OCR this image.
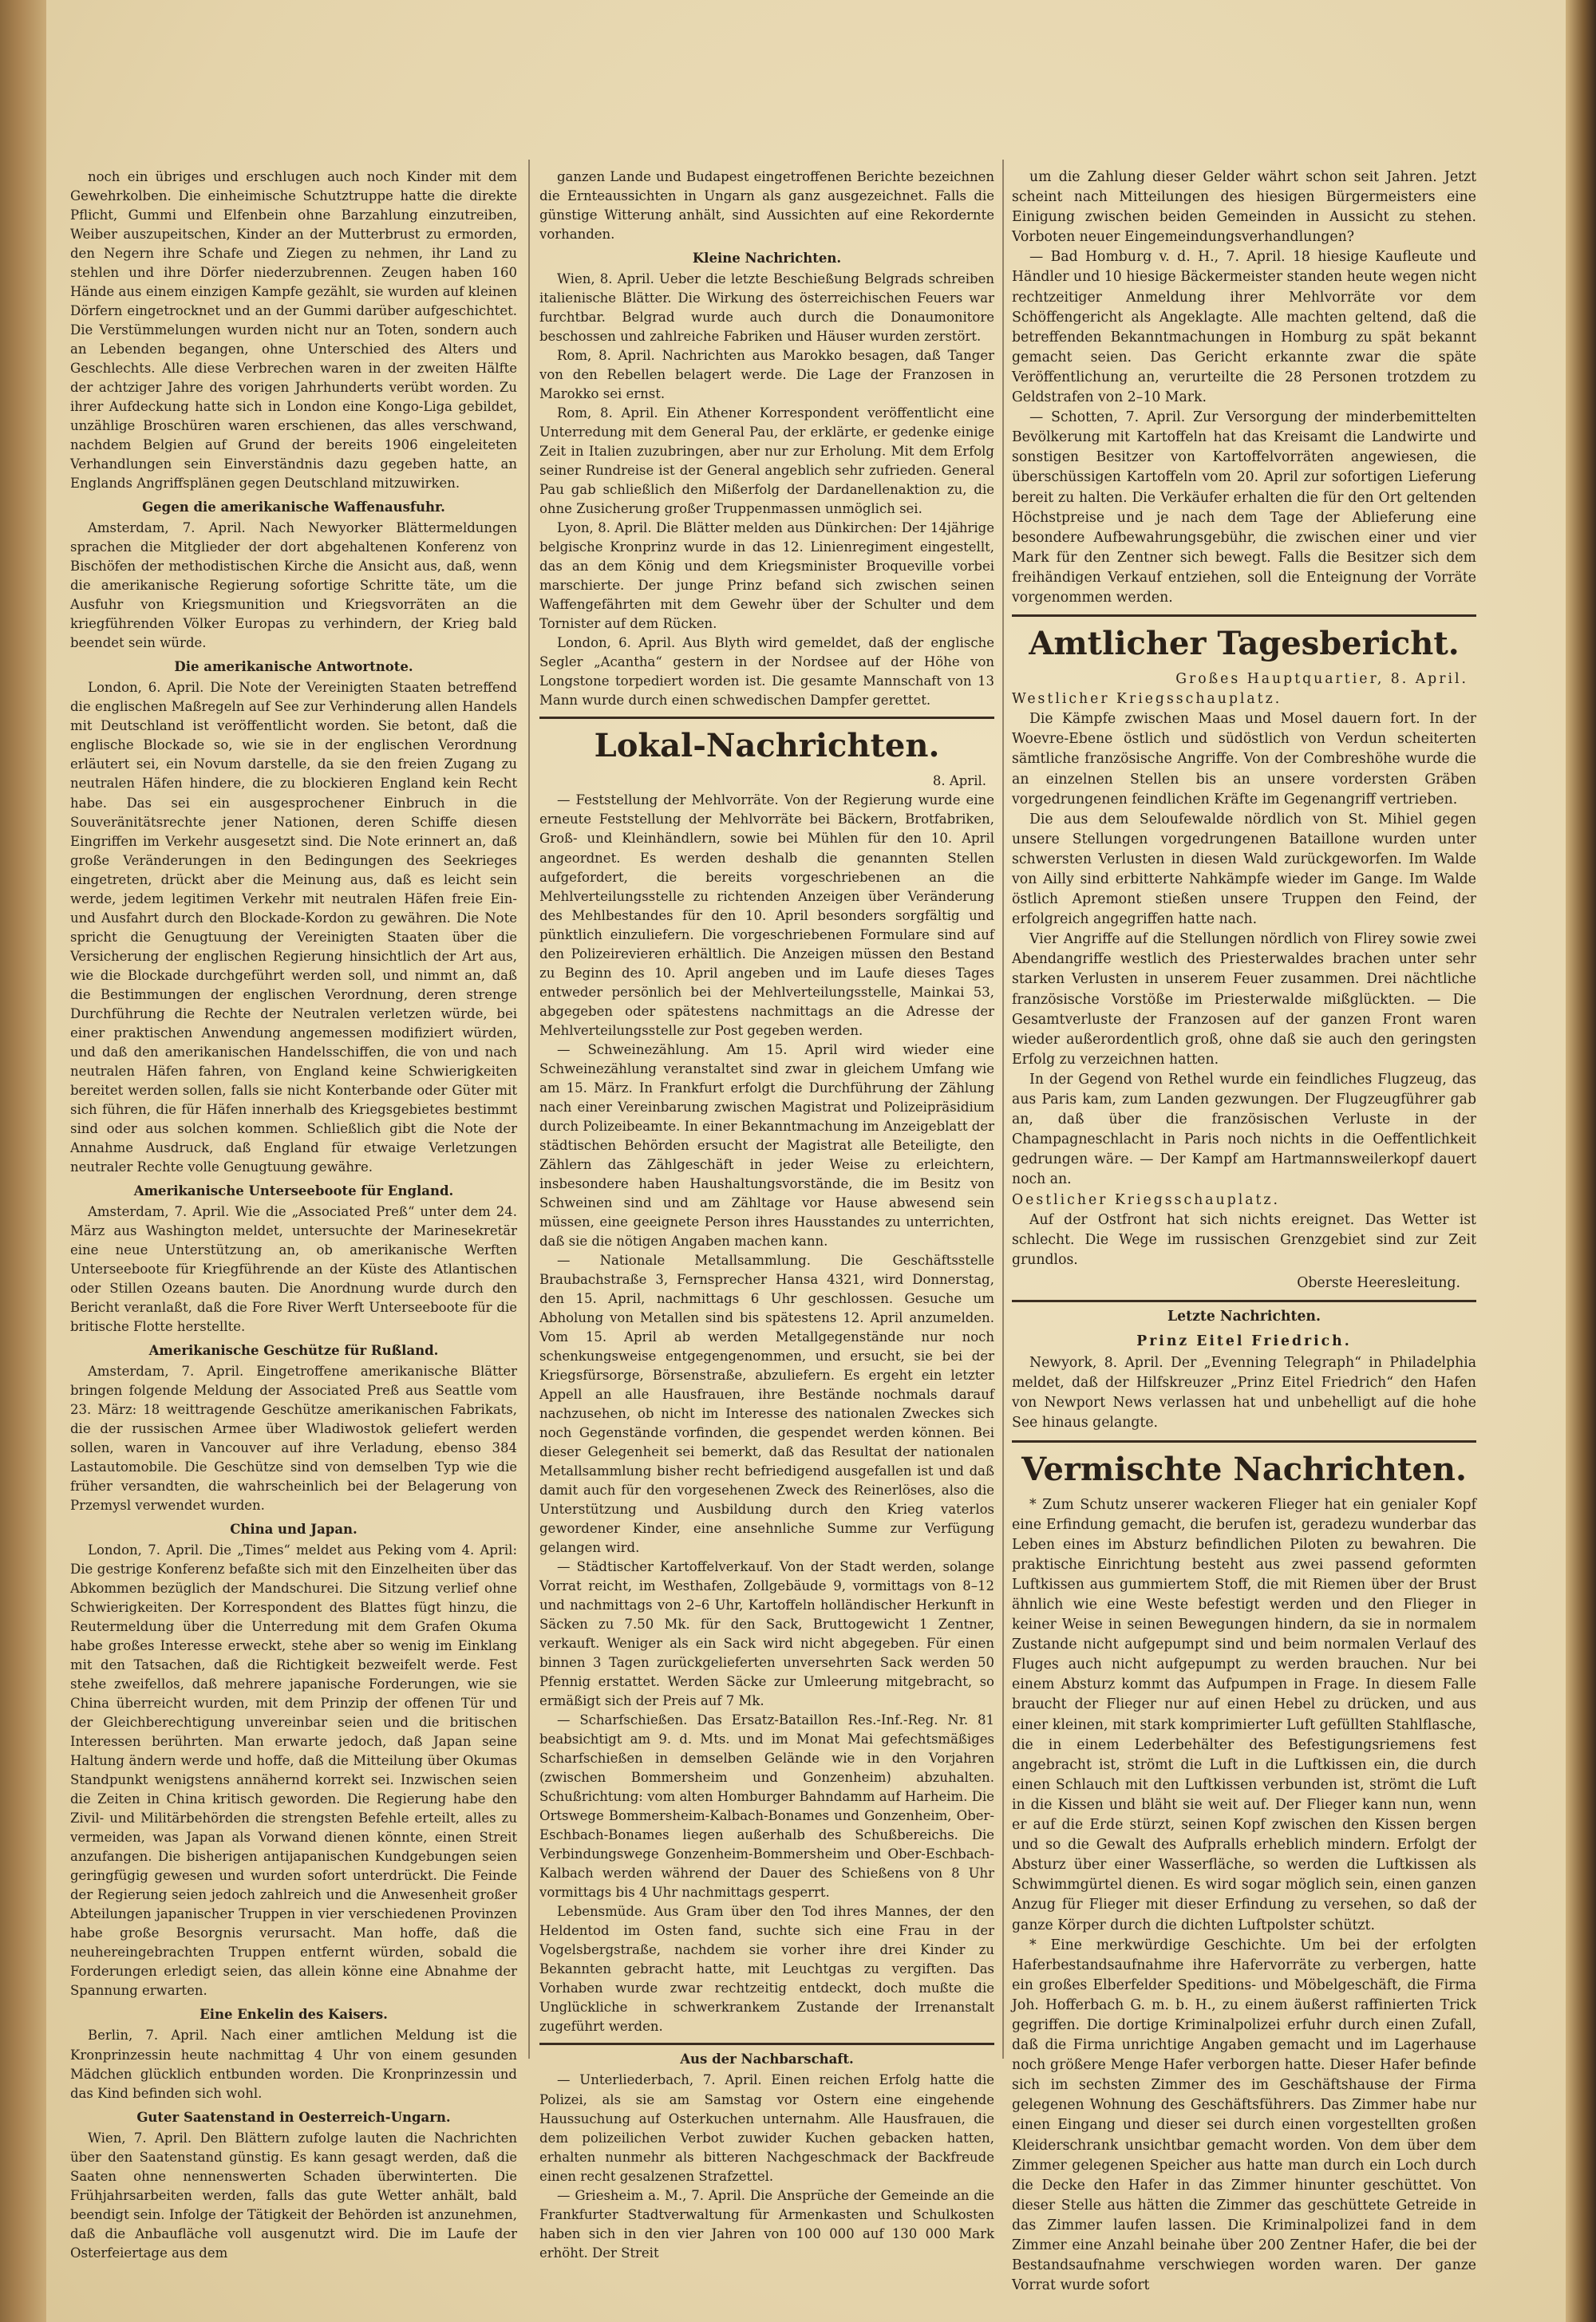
noch ein übriges und erschlugen auch noch Kinder mit dem Gewehrkolben. Die einheimische Schutztruppe hatte die direkte Pflicht, Gummi und Elfenbein ohne Barzahlung einzutreiben, Weiber auszupeitschen, Kinder an der Mutterbrust zu ermorden, den Negern ihre Schafe und Ziegen zu nehmen, ihr Land zu stehlen und ihre Dörfer niederzubrennen. Zeugen haben 160 Hände aus einem einzigen Kampfe gezählt, sie wurden auf kleinen Dörfern eingetrocknet und an der Gummi darüber aufgeschichtet. Die Verstümmelungen wurden nicht nur an Toten, sondern auch an Lebenden begangen, ohne Unterschied des Alters und Geschlechts. Alle diese Verbrechen waren in der zweiten Hälfte der achtziger Jahre des vorigen Jahrhunderts verübt worden. Zu ihrer Aufdeckung hatte sich in London eine Kongo-Liga gebildet, unzählige Broschüren waren erschienen, das alles verschwand, nachdem Belgien auf Grund der bereits 1906 eingeleiteten Verhandlungen sein Einverständnis dazu gegeben hatte, an Englands Angriffsplänen gegen Deutschland mitzuwirken.

Gegen die amerikanische Waffenausfuhr.

Amsterdam, 7. April. Nach Newyorker Blättermeldungen sprachen die Mitglieder der dort abgehaltenen Konferenz von Bischöfen der methodistischen Kirche die Ansicht aus, daß, wenn die amerikanische Regierung sofortige Schritte täte, um die Ausfuhr von Kriegsmunition und Kriegsvorräten an die kriegführenden Völker Europas zu verhindern, der Krieg bald beendet sein würde.

Die amerikanische Antwortnote.

London, 6. April. Die Note der Vereinigten Staaten betreffend die englischen Maßregeln auf See zur Verhinderung allen Handels mit Deutschland ist veröffentlicht worden. Sie betont, daß die englische Blockade so, wie sie in der englischen Verordnung erläutert sei, ein Novum darstelle, da sie den freien Zugang zu neutralen Häfen hindere, die zu blockieren England kein Recht habe. Das sei ein ausgesprochener Einbruch in die Souveränitätsrechte jener Nationen, deren Schiffe diesen Eingriffen im Verkehr ausgesetzt sind. Die Note erinnert an, daß große Veränderungen in den Bedingungen des Seekrieges eingetreten, drückt aber die Meinung aus, daß es leicht sein werde, jedem legitimen Verkehr mit neutralen Häfen freie Ein- und Ausfahrt durch den Blockade-Kordon zu gewähren. Die Note spricht die Genugtuung der Vereinigten Staaten über die Versicherung der englischen Regierung hinsichtlich der Art aus, wie die Blockade durchgeführt werden soll, und nimmt an, daß die Bestimmungen der englischen Verordnung, deren strenge Durchführung die Rechte der Neutralen verletzen würde, bei einer praktischen Anwendung angemessen modifiziert würden, und daß den amerikanischen Handelsschiffen, die von und nach neutralen Häfen fahren, von England keine Schwierigkeiten bereitet werden sollen, falls sie nicht Konterbande oder Güter mit sich führen, die für Häfen innerhalb des Kriegsgebietes bestimmt sind oder aus solchen kommen. Schließlich gibt die Note der Annahme Ausdruck, daß England für etwaige Verletzungen neutraler Rechte volle Genugtuung gewähre.

Amerikanische Unterseeboote für England.

Amsterdam, 7. April. Wie die „Associated Preß“ unter dem 24. März aus Washington meldet, untersuchte der Marinesekretär eine neue Unterstützung an, ob amerikanische Werften Unterseeboote für Kriegführende an der Küste des Atlantischen oder Stillen Ozeans bauten. Die Anordnung wurde durch den Bericht veranlaßt, daß die Fore River Werft Unterseeboote für die britische Flotte herstellte.

Amerikanische Geschütze für Rußland.

Amsterdam, 7. April. Eingetroffene amerikanische Blätter bringen folgende Meldung der Associated Preß aus Seattle vom 23. März: 18 weittragende Geschütze amerikanischen Fabrikats, die der russischen Armee über Wladiwostok geliefert werden sollen, waren in Vancouver auf ihre Verladung, ebenso 384 Lastautomobile. Die Geschütze sind von demselben Typ wie die früher versandten, die wahrscheinlich bei der Belagerung von Przemysl verwendet wurden.

China und Japan.

London, 7. April. Die „Times“ meldet aus Peking vom 4. April: Die gestrige Konferenz befaßte sich mit den Einzelheiten über das Abkommen bezüglich der Mandschurei. Die Sitzung verlief ohne Schwierigkeiten. Der Korrespondent des Blattes fügt hinzu, die Reutermeldung über die Unterredung mit dem Grafen Okuma habe großes Interesse erweckt, stehe aber so wenig im Einklang mit den Tatsachen, daß die Richtigkeit bezweifelt werde. Fest stehe zweifellos, daß mehrere japanische Forderungen, wie sie China überreicht wurden, mit dem Prinzip der offenen Tür und der Gleichberechtigung unvereinbar seien und die britischen Interessen berührten. Man erwarte jedoch, daß Japan seine Haltung ändern werde und hoffe, daß die Mitteilung über Okumas Standpunkt wenigstens annähernd korrekt sei. Inzwischen seien die Zeiten in China kritisch geworden. Die Regierung habe den Zivil- und Militärbehörden die strengsten Befehle erteilt, alles zu vermeiden, was Japan als Vorwand dienen könnte, einen Streit anzufangen. Die bisherigen antijapanischen Kundgebungen seien geringfügig gewesen und wurden sofort unterdrückt. Die Feinde der Regierung seien jedoch zahlreich und die Anwesenheit großer Abteilungen japanischer Truppen in vier verschiedenen Provinzen habe große Besorgnis verursacht. Man hoffe, daß die neuhereingebrachten Truppen entfernt würden, sobald die Forderungen erledigt seien, das allein könne eine Abnahme der Spannung erwarten.

Eine Enkelin des Kaisers.

Berlin, 7. April. Nach einer amtlichen Meldung ist die Kronprinzessin heute nachmittag 4 Uhr von einem gesunden Mädchen glücklich entbunden worden. Die Kronprinzessin und das Kind befinden sich wohl.

Guter Saatenstand in Oesterreich-Ungarn.

Wien, 7. April. Den Blättern zufolge lauten die Nachrichten über den Saatenstand günstig. Es kann gesagt werden, daß die Saaten ohne nennenswerten Schaden überwinterten. Die Frühjahrsarbeiten werden, falls das gute Wetter anhält, bald beendigt sein. Infolge der Tätigkeit der Behörden ist anzunehmen, daß die Anbaufläche voll ausgenutzt wird. Die im Laufe der Osterfeiertage aus dem

ganzen Lande und Budapest eingetroffenen Berichte bezeichnen die Ernteaussichten in Ungarn als ganz ausgezeichnet. Falls die günstige Witterung anhält, sind Aussichten auf eine Rekordernte vorhanden.

Kleine Nachrichten.

Wien, 8. April. Ueber die letzte Beschießung Belgrads schreiben italienische Blätter. Die Wirkung des österreichischen Feuers war furchtbar. Belgrad wurde auch durch die Donaumonitore beschossen und zahlreiche Fabriken und Häuser wurden zerstört.

Rom, 8. April. Nachrichten aus Marokko besagen, daß Tanger von den Rebellen belagert werde. Die Lage der Franzosen in Marokko sei ernst.

Rom, 8. April. Ein Athener Korrespondent veröffentlicht eine Unterredung mit dem General Pau, der erklärte, er gedenke einige Zeit in Italien zuzubringen, aber nur zur Erholung. Mit dem Erfolg seiner Rundreise ist der General angeblich sehr zufrieden. General Pau gab schließlich den Mißerfolg der Dardanellenaktion zu, die ohne Zusicherung großer Truppenmassen unmöglich sei.

Lyon, 8. April. Die Blätter melden aus Dünkirchen: Der 14jährige belgische Kronprinz wurde in das 12. Linienregiment eingestellt, das an dem König und dem Kriegsminister Broqueville vorbei marschierte. Der junge Prinz befand sich zwischen seinen Waffengefährten mit dem Gewehr über der Schulter und dem Tornister auf dem Rücken.

London, 6. April. Aus Blyth wird gemeldet, daß der englische Segler „Acantha“ gestern in der Nordsee auf der Höhe von Longstone torpediert worden ist. Die gesamte Mannschaft von 13 Mann wurde durch einen schwedischen Dampfer gerettet.

Lokal-Nachrichten.
8. April.

— Feststellung der Mehlvorräte. Von der Regierung wurde eine erneute Feststellung der Mehlvorräte bei Bäckern, Brotfabriken, Groß- und Kleinhändlern, sowie bei Mühlen für den 10. April angeordnet. Es werden deshalb die genannten Stellen aufgefordert, die bereits vorgeschriebenen an die Mehlverteilungsstelle zu richtenden Anzeigen über Veränderung des Mehlbestandes für den 10. April besonders sorgfältig und pünktlich einzuliefern. Die vorgeschriebenen Formulare sind auf den Polizeirevieren erhältlich. Die Anzeigen müssen den Bestand zu Beginn des 10. April angeben und im Laufe dieses Tages entweder persönlich bei der Mehlverteilungsstelle, Mainkai 53, abgegeben oder spätestens nachmittags an die Adresse der Mehlverteilungsstelle zur Post gegeben werden.

— Schweinezählung. Am 15. April wird wieder eine Schweinezählung veranstaltet sind zwar in gleichem Umfang wie am 15. März. In Frankfurt erfolgt die Durchführung der Zählung nach einer Vereinbarung zwischen Magistrat und Polizeipräsidium durch Polizeibeamte. In einer Bekanntmachung im Anzeigeblatt der städtischen Behörden ersucht der Magistrat alle Beteiligte, den Zählern das Zählgeschäft in jeder Weise zu erleichtern, insbesondere haben Haushaltungsvorstände, die im Besitz von Schweinen sind und am Zähltage vor Hause abwesend sein müssen, eine geeignete Person ihres Hausstandes zu unterrichten, daß sie die nötigen Angaben machen kann.

— Nationale Metallsammlung. Die Geschäftsstelle Braubachstraße 3, Fernsprecher Hansa 4321, wird Donnerstag, den 15. April, nachmittags 6 Uhr geschlossen. Gesuche um Abholung von Metallen sind bis spätestens 12. April anzumelden. Vom 15. April ab werden Metallgegenstände nur noch schenkungsweise entgegengenommen, und ersucht, sie bei der Kriegsfürsorge, Börsenstraße, abzuliefern. Es ergeht ein letzter Appell an alle Hausfrauen, ihre Bestände nochmals darauf nachzusehen, ob nicht im Interesse des nationalen Zweckes sich noch Gegenstände vorfinden, die gespendet werden können. Bei dieser Gelegenheit sei bemerkt, daß das Resultat der nationalen Metallsammlung bisher recht befriedigend ausgefallen ist und daß damit auch für den vorgesehenen Zweck des Reinerlöses, also die Unterstützung und Ausbildung durch den Krieg vaterlos gewordener Kinder, eine ansehnliche Summe zur Verfügung gelangen wird.

— Städtischer Kartoffelverkauf. Von der Stadt werden, solange Vorrat reicht, im Westhafen, Zollgebäude 9, vormittags von 8–12 und nachmittags von 2–6 Uhr, Kartoffeln holländischer Herkunft in Säcken zu 7.50 Mk. für den Sack, Bruttogewicht 1 Zentner, verkauft. Weniger als ein Sack wird nicht abgegeben. Für einen binnen 3 Tagen zurückgelieferten unversehrten Sack werden 50 Pfennig erstattet. Werden Säcke zur Umleerung mitgebracht, so ermäßigt sich der Preis auf 7 Mk.

— Scharfschießen. Das Ersatz-Bataillon Res.-Inf.-Reg. Nr. 81 beabsichtigt am 9. d. Mts. und im Monat Mai gefechtsmäßiges Scharfschießen in demselben Gelände wie in den Vorjahren (zwischen Bommersheim und Gonzenheim) abzuhalten. Schußrichtung: vom alten Homburger Bahndamm auf Harheim. Die Ortswege Bommersheim-Kalbach-Bonames und Gonzenheim, Ober-Eschbach-Bonames liegen außerhalb des Schußbereichs. Die Verbindungswege Gonzenheim-Bommersheim und Ober-Eschbach-Kalbach werden während der Dauer des Schießens von 8 Uhr vormittags bis 4 Uhr nachmittags gesperrt.

Lebensmüde. Aus Gram über den Tod ihres Mannes, der den Heldentod im Osten fand, suchte sich eine Frau in der Vogelsbergstraße, nachdem sie vorher ihre drei Kinder zu Bekannten gebracht hatte, mit Leuchtgas zu vergiften. Das Vorhaben wurde zwar rechtzeitig entdeckt, doch mußte die Unglückliche in schwerkrankem Zustande der Irrenanstalt zugeführt werden.

Aus der Nachbarschaft.

— Unterliederbach, 7. April. Einen reichen Erfolg hatte die Polizei, als sie am Samstag vor Ostern eine eingehende Haussuchung auf Osterkuchen unternahm. Alle Hausfrauen, die dem polizeilichen Verbot zuwider Kuchen gebacken hatten, erhalten nunmehr als bitteren Nachgeschmack der Backfreude einen recht gesalzenen Strafzettel.

— Griesheim a. M., 7. April. Die Ansprüche der Gemeinde an die Frankfurter Stadtverwaltung für Armenkasten und Schulkosten haben sich in den vier Jahren von 100 000 auf 130 000 Mark erhöht. Der Streit

um die Zahlung dieser Gelder währt schon seit Jahren. Jetzt scheint nach Mitteilungen des hiesigen Bürgermeisters eine Einigung zwischen beiden Gemeinden in Aussicht zu stehen. Vorboten neuer Eingemeindungsverhandlungen?

— Bad Homburg v. d. H., 7. April. 18 hiesige Kaufleute und Händler und 10 hiesige Bäckermeister standen heute wegen nicht rechtzeitiger Anmeldung ihrer Mehlvorräte vor dem Schöffengericht als Angeklagte. Alle machten geltend, daß die betreffenden Bekanntmachungen in Homburg zu spät bekannt gemacht seien. Das Gericht erkannte zwar die späte Veröffentlichung an, verurteilte die 28 Personen trotzdem zu Geldstrafen von 2–10 Mark.

— Schotten, 7. April. Zur Versorgung der minderbemittelten Bevölkerung mit Kartoffeln hat das Kreisamt die Landwirte und sonstigen Besitzer von Kartoffelvorräten angewiesen, die überschüssigen Kartoffeln vom 20. April zur sofortigen Lieferung bereit zu halten. Die Verkäufer erhalten die für den Ort geltenden Höchstpreise und je nach dem Tage der Ablieferung eine besondere Aufbewahrungsgebühr, die zwischen einer und vier Mark für den Zentner sich bewegt. Falls die Besitzer sich dem freihändigen Verkauf entziehen, soll die Enteignung der Vorräte vorgenommen werden.

Amtlicher Tagesbericht.
Großes Hauptquartier, 8. April.
Westlicher Kriegsschauplatz.

Die Kämpfe zwischen Maas und Mosel dauern fort. In der Woevre-Ebene östlich und südöstlich von Verdun scheiterten sämtliche französische Angriffe. Von der Combreshöhe wurde die an einzelnen Stellen bis an unsere vordersten Gräben vorgedrungenen feindlichen Kräfte im Gegenangriff vertrieben.

Die aus dem Seloufewalde nördlich von St. Mihiel gegen unsere Stellungen vorgedrungenen Bataillone wurden unter schwersten Verlusten in diesen Wald zurückgeworfen. Im Walde von Ailly sind erbitterte Nahkämpfe wieder im Gange. Im Walde östlich Apremont stießen unsere Truppen den Feind, der erfolgreich angegriffen hatte nach.

Vier Angriffe auf die Stellungen nördlich von Flirey sowie zwei Abendangriffe westlich des Priesterwaldes brachen unter sehr starken Verlusten in unserem Feuer zusammen. Drei nächtliche französische Vorstöße im Priesterwalde mißglückten. — Die Gesamtverluste der Franzosen auf der ganzen Front waren wieder außerordentlich groß, ohne daß sie auch den geringsten Erfolg zu verzeichnen hatten.

In der Gegend von Rethel wurde ein feindliches Flugzeug, das aus Paris kam, zum Landen gezwungen. Der Flugzeugführer gab an, daß über die französischen Verluste in der Champagneschlacht in Paris noch nichts in die Oeffentlichkeit gedrungen wäre. — Der Kampf am Hartmannsweilerkopf dauert noch an.

Oestlicher Kriegsschauplatz.

Auf der Ostfront hat sich nichts ereignet. Das Wetter ist schlecht. Die Wege im russischen Grenzgebiet sind zur Zeit grundlos.

Oberste Heeresleitung.
Letzte Nachrichten.
Prinz Eitel Friedrich.

Newyork, 8. April. Der „Evenning Telegraph“ in Philadelphia meldet, daß der Hilfskreuzer „Prinz Eitel Friedrich“ den Hafen von Newport News verlassen hat und unbehelligt auf die hohe See hinaus gelangte.

Vermischte Nachrichten.

* Zum Schutz unserer wackeren Flieger hat ein genialer Kopf eine Erfindung gemacht, die berufen ist, geradezu wunderbar das Leben eines im Absturz befindlichen Piloten zu bewahren. Die praktische Einrichtung besteht aus zwei passend geformten Luftkissen aus gummiertem Stoff, die mit Riemen über der Brust ähnlich wie eine Weste befestigt werden und den Flieger in keiner Weise in seinen Bewegungen hindern, da sie in normalem Zustande nicht aufgepumpt sind und beim normalen Verlauf des Fluges auch nicht aufgepumpt zu werden brauchen. Nur bei einem Absturz kommt das Aufpumpen in Frage. In diesem Falle braucht der Flieger nur auf einen Hebel zu drücken, und aus einer kleinen, mit stark komprimierter Luft gefüllten Stahlflasche, die in einem Lederbehälter des Befestigungsriemens fest angebracht ist, strömt die Luft in die Luftkissen ein, die durch einen Schlauch mit den Luftkissen verbunden ist, strömt die Luft in die Kissen und bläht sie weit auf. Der Flieger kann nun, wenn er auf die Erde stürzt, seinen Kopf zwischen den Kissen bergen und so die Gewalt des Aufpralls erheblich mindern. Erfolgt der Absturz über einer Wasserfläche, so werden die Luftkissen als Schwimmgürtel dienen. Es wird sogar möglich sein, einen ganzen Anzug für Flieger mit dieser Erfindung zu versehen, so daß der ganze Körper durch die dichten Luftpolster schützt.

* Eine merkwürdige Geschichte. Um bei der erfolgten Haferbestandsaufnahme ihre Hafervorräte zu verbergen, hatte ein großes Elberfelder Speditions- und Möbelgeschäft, die Firma Joh. Hofferbach G. m. b. H., zu einem äußerst raffinierten Trick gegriffen. Die dortige Kriminalpolizei erfuhr durch einen Zufall, daß die Firma unrichtige Angaben gemacht und im Lagerhause noch größere Menge Hafer verborgen hatte. Dieser Hafer befinde sich im sechsten Zimmer des im Geschäftshause der Firma gelegenen Wohnung des Geschäftsführers. Das Zimmer habe nur einen Eingang und dieser sei durch einen vorgestellten großen Kleiderschrank unsichtbar gemacht worden. Von dem über dem Zimmer gelegenen Speicher aus hatte man durch ein Loch durch die Decke den Hafer in das Zimmer hinunter geschüttet. Von dieser Stelle aus hätten die Zimmer das geschüttete Getreide in das Zimmer laufen lassen. Die Kriminalpolizei fand in dem Zimmer eine Anzahl beinahe über 200 Zentner Hafer, die bei der Bestandsaufnahme verschwiegen worden waren. Der ganze Vorrat wurde sofort
